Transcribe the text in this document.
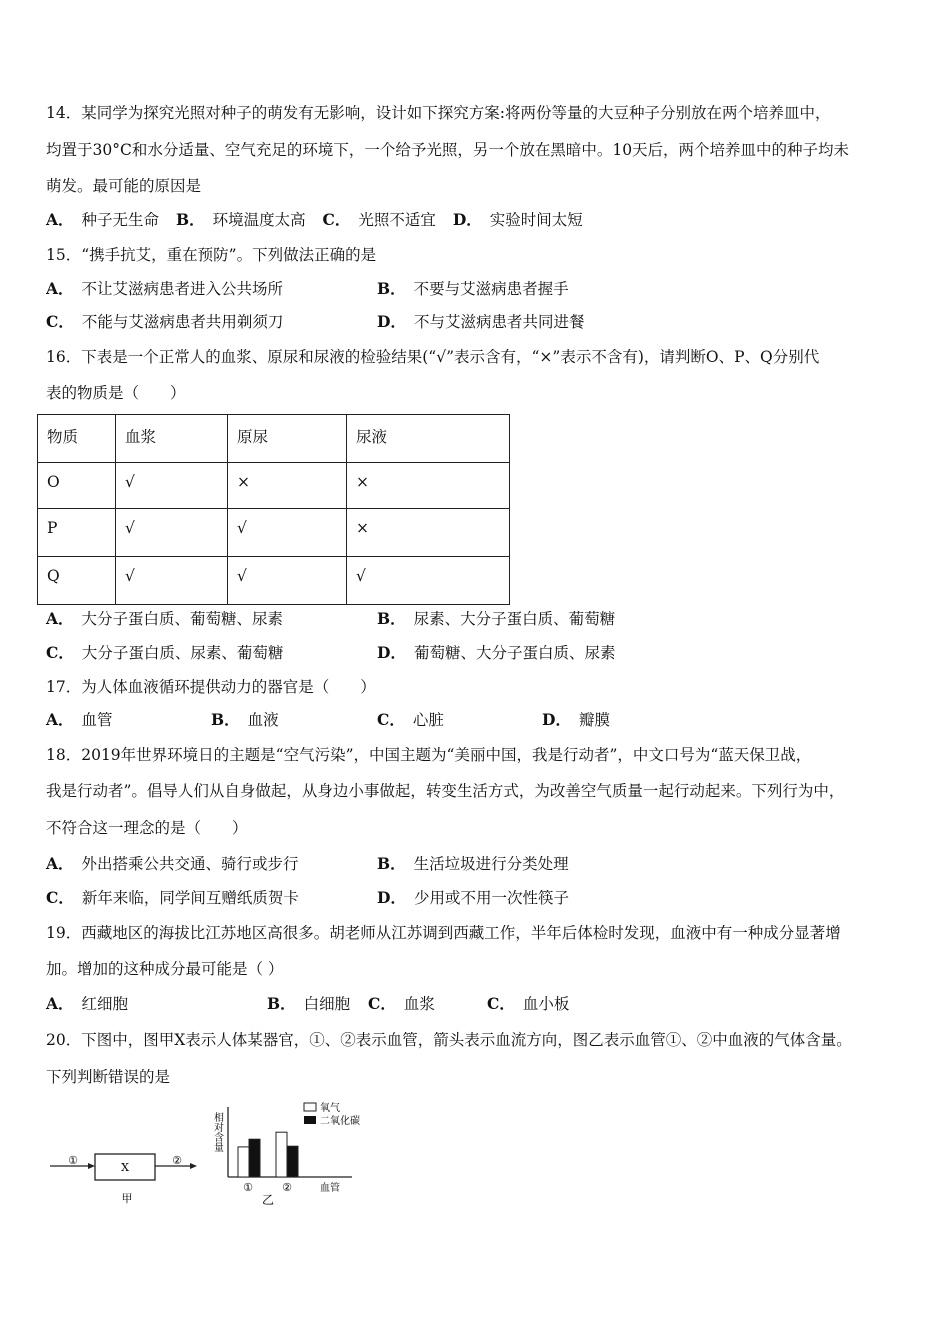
14．某同学为探究光照对种子的萌发有无影响，设计如下探究方案:将两份等量的大豆种子分别放在两个培养皿中，
均置于30°C和水分适量、空气充足的环境下，一个给予光照，另一个放在黑暗中。10天后，两个培养皿中的种子均未
萌发。最可能的原因是
A． 种子无生命 B． 环境温度太高 C． 光照不适宜 D． 实验时间太短
15．“携手抗艾，重在预防”。下列做法正确的是
A． 不让艾滋病患者进入公共场所	B． 不要与艾滋病患者握手
C． 不能与艾滋病患者共用剃须刀	D． 不与艾滋病患者共同进餐
16．下表是一个正常人的血浆、原尿和尿液的检验结果(“√”表示含有，“×”表示不含有)，请判断O、P、Q分别代
表的物质是（　　）
物质	血浆	原尿	尿液
O	√	×	×
P	√	√	×
Q	√	√	√
A． 大分子蛋白质、葡萄糖、尿素	B． 尿素、大分子蛋白质、葡萄糖
C． 大分子蛋白质、尿素、葡萄糖	D． 葡萄糖、大分子蛋白质、尿素
17．为人体血液循环提供动力的器官是（　　）
A． 血管	B． 血液	C． 心脏	D． 瓣膜
18．2019年世界环境日的主题是“空气污染”，中国主题为“美丽中国，我是行动者”，中文口号为“蓝天保卫战，
我是行动者”。倡导人们从自身做起，从身边小事做起，转变生活方式，为改善空气质量一起行动起来。下列行为中，
不符合这一理念的是（　　）
A． 外出搭乘公共交通、骑行或步行	B． 生活垃圾进行分类处理
C． 新年来临，同学间互赠纸质贺卡	D． 少用或不用一次性筷子
19．西藏地区的海拔比江苏地区高很多。胡老师从江苏调到西藏工作，半年后体检时发现，血液中有一种成分显著增
加。增加的这种成分最可能是（ ）
A． 红细胞	B． 白细胞 C． 血浆	C． 血小板
20．下图中，图甲X表示人体某器官，①、②表示血管，箭头表示血流方向，图乙表示血管①、②中血液的气体含量。
下列判断错误的是
①
X
②
甲
相对含量
氧气
二氧化碳
①	②	血管
乙
